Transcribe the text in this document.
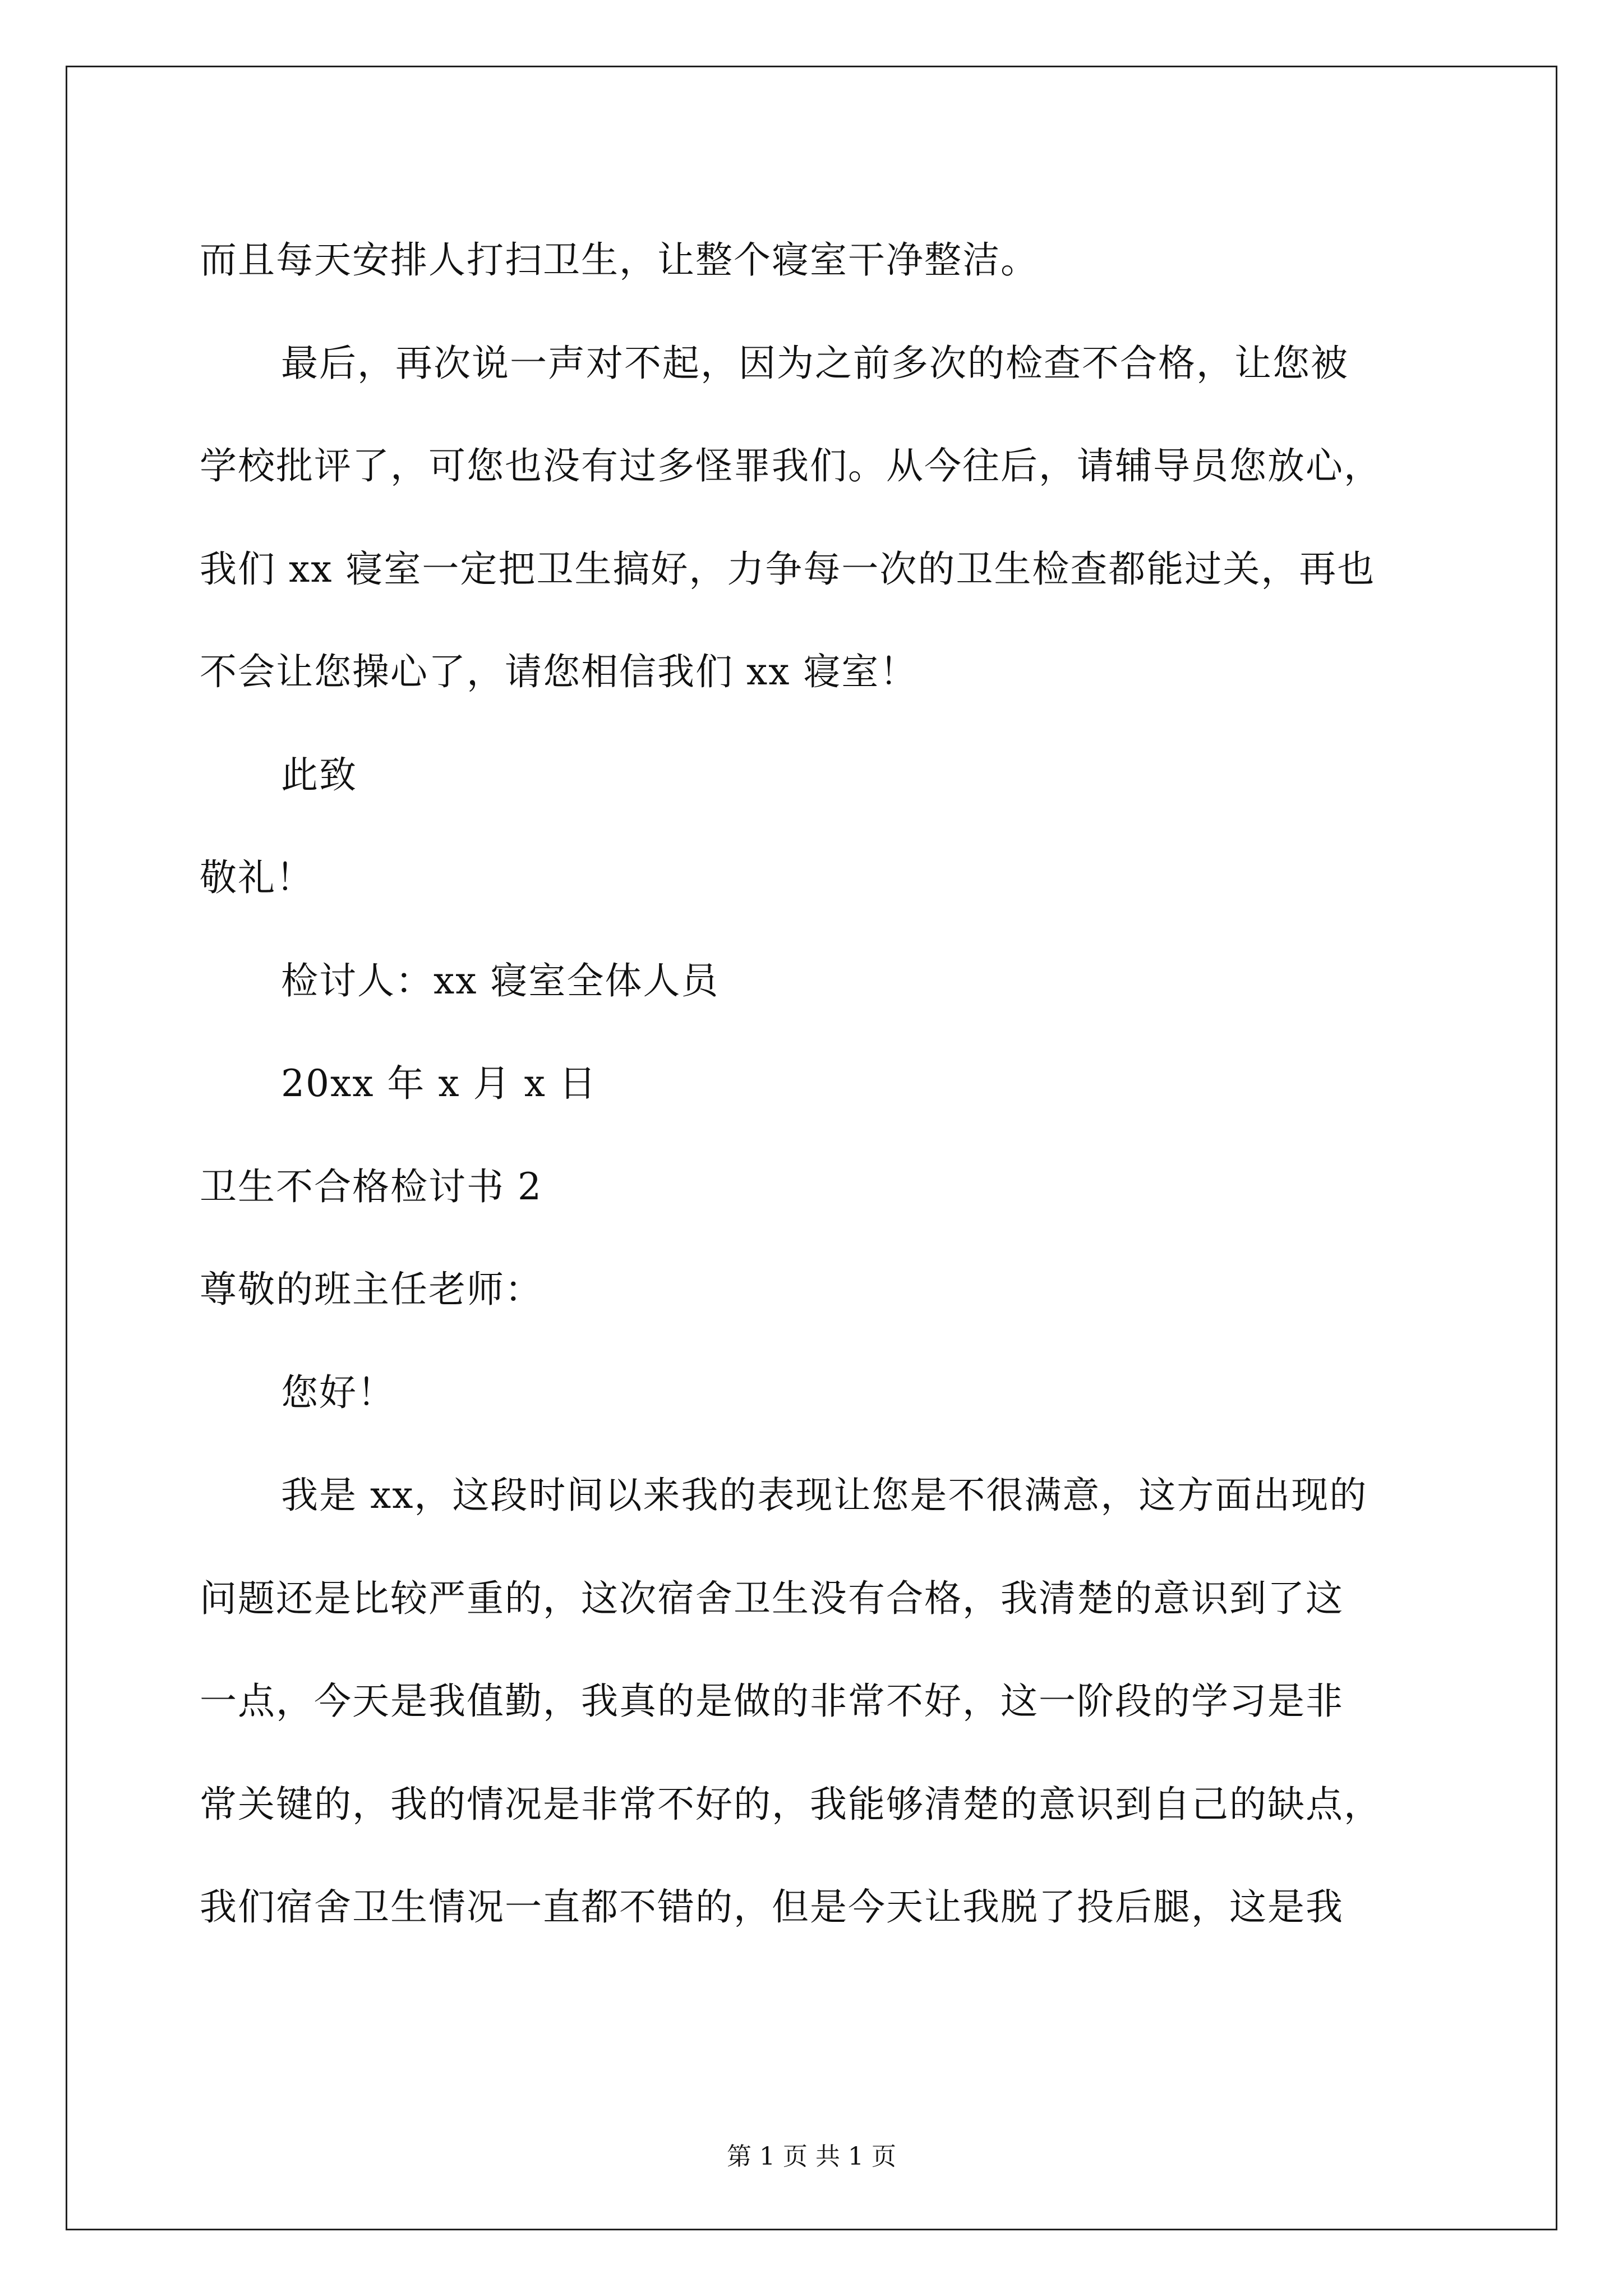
而且每天安排人打扫卫生，让整个寝室干净整洁。
最后，再次说一声对不起，因为之前多次的检查不合格，让您被
学校批评了，可您也没有过多怪罪我们。从今往后，请辅导员您放心，
我们 xx 寝室一定把卫生搞好，力争每一次的卫生检查都能过关，再也
不会让您操心了，请您相信我们 xx 寝室！
此致
敬礼！
检讨人：xx 寝室全体人员
20xx 年 x 月 x 日
卫生不合格检讨书 2
尊敬的班主任老师：
您好！
我是 xx，这段时间以来我的表现让您是不很满意，这方面出现的
问题还是比较严重的，这次宿舍卫生没有合格，我清楚的意识到了这
一点，今天是我值勤，我真的是做的非常不好，这一阶段的学习是非
常关键的，我的情况是非常不好的，我能够清楚的意识到自己的缺点，
我们宿舍卫生情况一直都不错的，但是今天让我脱了投后腿，这是我
第 1 页 共 1 页
